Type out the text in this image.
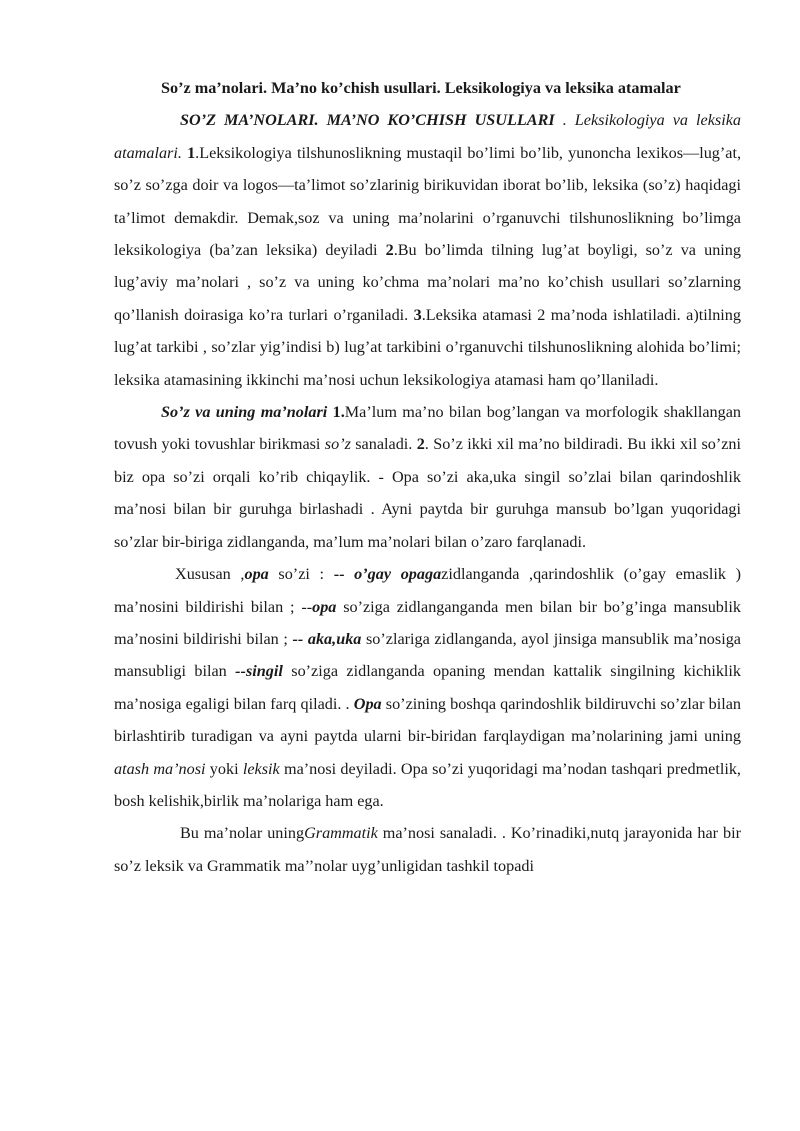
So’z ma’nolari. Ma’no ko’chish usullari. Leksikologiya va leksika atamalar

SO’Z MA’NOLARI. MA’NO KO’CHISH USULLARI . Leksikologiya va leksika atamalari. 1.Leksikologiya tilshunoslikning mustaqil bo’limi bo’lib, yunoncha lexikos—lug’at, so’z so’zga doir va logos—ta’limot so’zlarinig birikuvidan iborat bo’lib, leksika (so’z) haqidagi ta’limot demakdir. Demak,soz va uning ma’nolarini o’rganuvchi tilshunoslikning bo’limga leksikologiya (ba’zan leksika) deyiladi 2.Bu bo’limda tilning lug’at boyligi, so’z va uning lug’aviy ma’nolari , so’z va uning ko’chma ma’nolari ma’no ko’chish usullari so’zlarning qo’llanish doirasiga ko’ra turlari o’rganiladi. 3.Leksika atamasi 2 ma’noda ishlatiladi. a)tilning lug’at tarkibi , so’zlar yig’indisi b) lug’at tarkibini o’rganuvchi tilshunoslikning alohida bo’limi; leksika atamasining ikkinchi ma’nosi uchun leksikologiya atamasi ham qo’llaniladi.

So’z va uning ma’nolari 1.Ma’lum ma’no bilan bog’langan va morfologik shakllangan tovush yoki tovushlar birikmasi so’z sanaladi. 2. So’z ikki xil ma’no bildiradi. Bu ikki xil so’zni biz opa so’zi orqali ko’rib chiqaylik. - Opa so’zi aka,uka singil so’zlai bilan qarindoshlik ma’nosi bilan bir guruhga birlashadi . Ayni paytda bir guruhga mansub bo’lgan yuqoridagi so’zlar bir-biriga zidlanganda, ma’lum ma’nolari bilan o’zaro farqlanadi.

Xususan ,opa so’zi : -- o’gay opagazidlanganda ,qarindoshlik (o’gay emaslik ) ma’nosini bildirishi bilan ; --opa so’ziga zidlanganganda men bilan bir bo’g’inga mansublik ma’nosini bildirishi bilan ; -- aka,uka so’zlariga zidlanganda, ayol jinsiga mansublik ma’nosiga mansubligi bilan --singil so’ziga zidlanganda opaning mendan kattalik singilning kichiklik ma’nosiga egaligi bilan farq qiladi. . Opa so’zining boshqa qarindoshlik bildiruvchi so’zlar bilan birlashtirib turadigan va ayni paytda ularni bir-biridan farqlaydigan ma’nolarining jami uning atash ma’nosi yoki leksik ma’nosi deyiladi. Opa so’zi yuqoridagi ma’nodan tashqari predmetlik, bosh kelishik,birlik ma’nolariga ham ega.

Bu ma’nolar uningGrammatik ma’nosi sanaladi. . Ko’rinadiki,nutq jarayonida har bir so’z leksik va Grammatik ma’’nolar uyg’unligidan tashkil topadi
